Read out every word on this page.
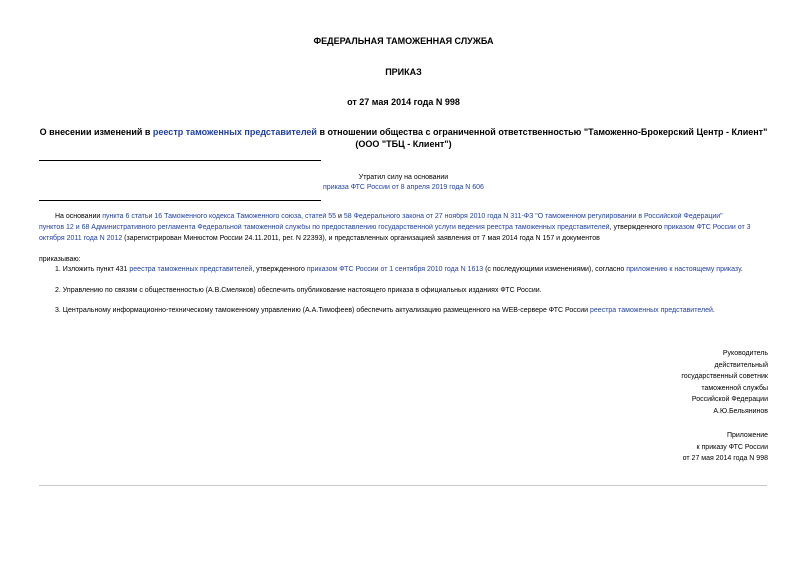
ФЕДЕРАЛЬНАЯ ТАМОЖЕННАЯ СЛУЖБА
ПРИКАЗ
от 27 мая 2014 года N 998
О внесении изменений в реестр таможенных представителей в отношении общества с ограниченной ответственностью "Таможенно-Брокерский Центр - Клиент"
(ООО "ТБЦ - Клиент")
Утратил силу на основании
приказа ФТС России от 8 апреля 2019 года N 606
На основании пункта 6 статьи 16 Таможенного кодекса Таможенного союза, статей 55 и 58 Федерального закона от 27 ноября 2010 года N 311-ФЗ "О таможенном регулировании в Российской Федерации"
пунктов 12 и 68 Административного регламента Федеральной таможенной службы по предоставлению государственной услуги ведения реестра таможенных представителей, утвержденного приказом ФТС России от 3
октября 2011 года N 2012 (зарегистрирован Минюстом России 24.11.2011, рег. N 22393), и представленных организацией заявления от 7 мая 2014 года N 157 и документов
приказываю:
1. Изложить пункт 431 реестра таможенных представителей, утвержденного приказом ФТС России от 1 сентября 2010 года N 1613 (с последующими изменениями), согласно приложению к настоящему приказу.
2. Управлению по связям с общественностью (А.В.Смеляков) обеспечить опубликование настоящего приказа в официальных изданиях ФТС России.
3. Центральному информационно-техническому таможенному управлению (А.А.Тимофеев) обеспечить актуализацию размещенного на WEB-сервере ФТС России реестра таможенных представителей.
Руководитель
действительный
государственный советник
таможенной службы
Российской Федерации
А.Ю.Бельянинов
Приложение
к приказу ФТС России
от 27 мая 2014 года N 998
